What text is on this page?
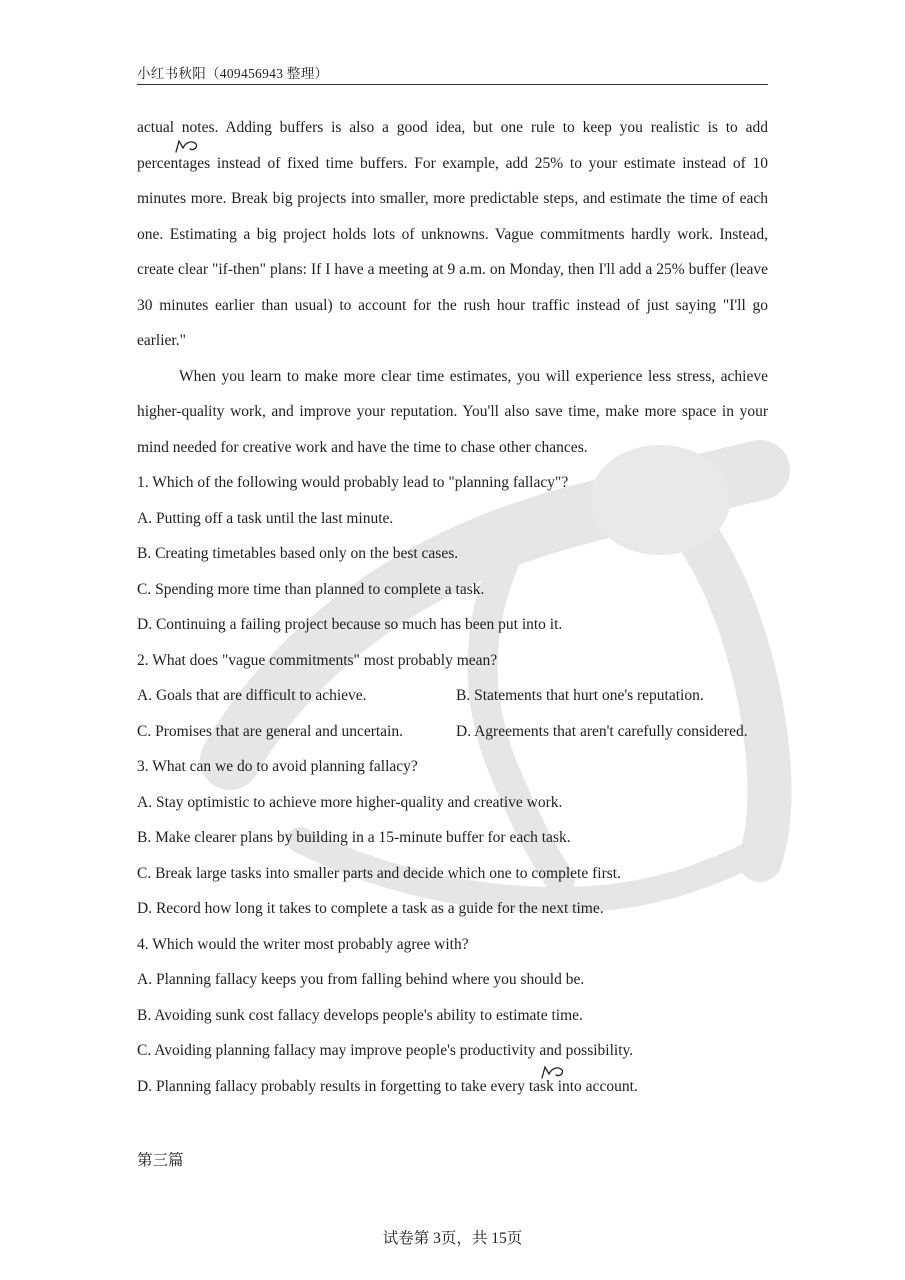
小红书秋阳（409456943 整理）

actual notes. Adding buffers is also a good idea, but one rule to keep you realistic is to add percentages instead of fixed time buffers. For example, add 25% to your estimate instead of 10 minutes more. Break big projects into smaller, more predictable steps, and estimate the time of each one. Estimating a big project holds lots of unknowns. Vague commitments hardly work. Instead, create clear "if-then" plans: If I have a meeting at 9 a.m. on Monday, then I'll add a 25% buffer (leave 30 minutes earlier than usual) to account for the rush hour traffic instead of just saying "I'll go earlier."

When you learn to make more clear time estimates, you will experience less stress, achieve higher-quality work, and improve your reputation. You'll also save time, make more space in your mind needed for creative work and have the time to chase other chances.

1. Which of the following would probably lead to "planning fallacy"?
A. Putting off a task until the last minute.
B. Creating timetables based only on the best cases.
C. Spending more time than planned to complete a task.
D. Continuing a failing project because so much has been put into it.
2. What does "vague commitments" most probably mean?
A. Goals that are difficult to achieve.	B. Statements that hurt one's reputation.
C. Promises that are general and uncertain.	D. Agreements that aren't carefully considered.
3. What can we do to avoid planning fallacy?
A. Stay optimistic to achieve more higher-quality and creative work.
B. Make clearer plans by building in a 15-minute buffer for each task.
C. Break large tasks into smaller parts and decide which one to complete first.
D. Record how long it takes to complete a task as a guide for the next time.
4. Which would the writer most probably agree with?
A. Planning fallacy keeps you from falling behind where you should be.
B. Avoiding sunk cost fallacy develops people's ability to estimate time.
C. Avoiding planning fallacy may improve people's productivity and possibility.
D. Planning fallacy probably results in forgetting to take every task into account.
第三篇
试卷第 3页，共 15页
